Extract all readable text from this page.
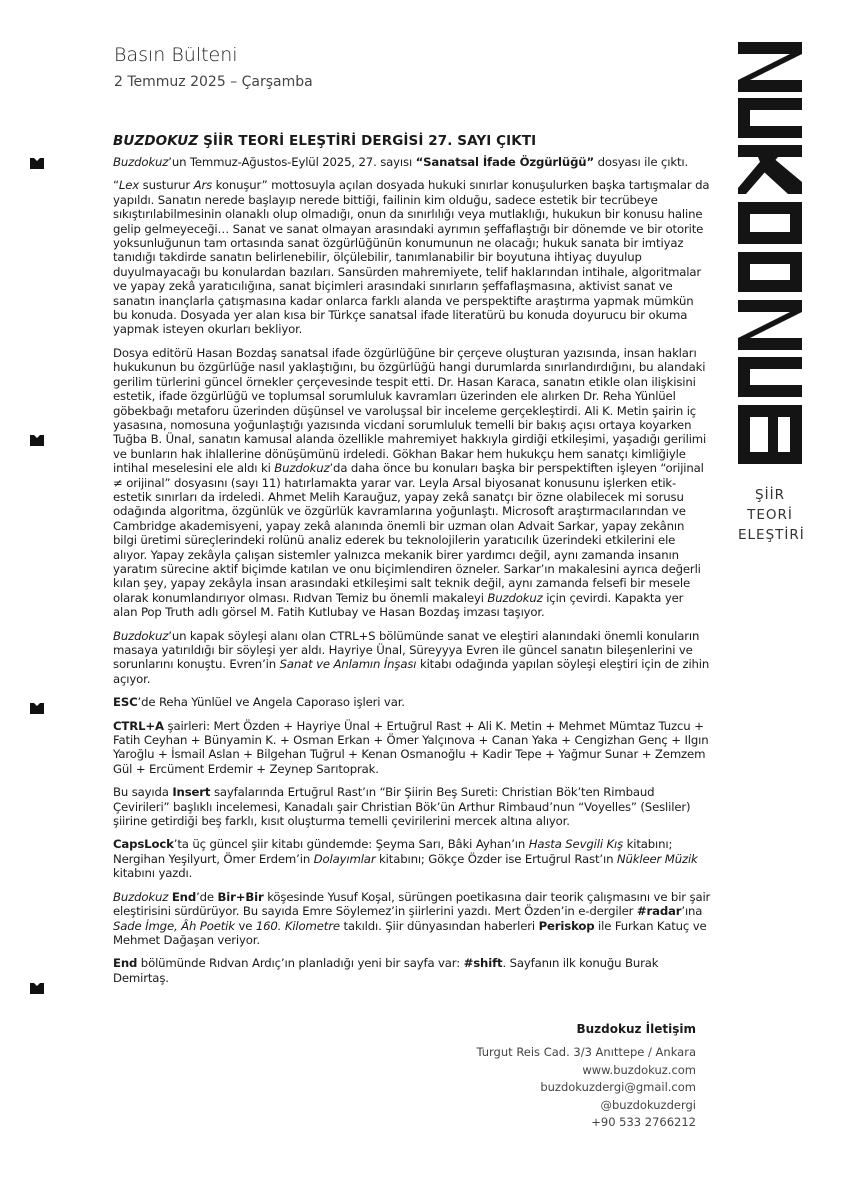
Basın Bülteni
2 Temmuz 2025 – Çarşamba
ŞİİR
TEORİ
ELEŞTİRİ
BUZDOKUZ ŞİİR TEORİ ELEŞTİRİ DERGİSİ 27. SAYI ÇIKTI

Buzdokuz’un Temmuz-Ağustos-Eylül 2025, 27. sayısı “Sanatsal İfade Özgürlüğü” dosyası ile çıktı.

“Lex susturur Ars konuşur” mottosuyla açılan dosyada hukuki sınırlar konuşulurken başka tartışmalar da yapıldı. Sanatın nerede başlayıp nerede bittiği, failinin kim olduğu, sadece estetik bir tecrübeye sıkıştırılabilmesinin olanaklı olup olmadığı, onun da sınırlılığı veya mutlaklığı, hukukun bir konusu haline gelip gelmeyeceği… Sanat ve sanat olmayan arasındaki ayrımın şeffaflaştığı bir dönemde ve bir otorite yoksunluğunun tam ortasında sanat özgürlüğünün konumunun ne olacağı; hukuk sanata bir imtiyaz tanıdığı takdirde sanatın belirlenebilir, ölçülebilir, tanımlanabilir bir boyutuna ihtiyaç duyulup duyulmayacağı bu konulardan bazıları. Sansürden mahremiyete, telif haklarından intihale, algoritmalar ve yapay zekâ yaratıcılığına, sanat biçimleri arasındaki sınırların şeffaflaşmasına, aktivist sanat ve sanatın inançlarla çatışmasına kadar onlarca farklı alanda ve perspektifte araştırma yapmak mümkün bu konuda. Dosyada yer alan kısa bir Türkçe sanatsal ifade literatürü bu konuda doyurucu bir okuma yapmak isteyen okurları bekliyor.

Dosya editörü Hasan Bozdaş sanatsal ifade özgürlüğüne bir çerçeve oluşturan yazısında, insan hakları hukukunun bu özgürlüğe nasıl yaklaştığını, bu özgürlüğü hangi durumlarda sınırlandırdığını, bu alandaki gerilim türlerini güncel örnekler çerçevesinde tespit etti. Dr. Hasan Karaca, sanatın etikle olan ilişkisini estetik, ifade özgürlüğü ve toplumsal sorumluluk kavramları üzerinden ele alırken Dr. Reha Yünlüel göbekbağı metaforu üzerinden düşünsel ve varoluşsal bir inceleme gerçekleştirdi. Ali K. Metin şairin iç yasasına, nomosuna yoğunlaştığı yazısında vicdani sorumluluk temelli bir bakış açısı ortaya koyarken Tuğba B. Ünal, sanatın kamusal alanda özellikle mahremiyet hakkıyla girdiği etkileşimi, yaşadığı gerilimi ve bunların hak ihlallerine dönüşümünü irdeledi. Gökhan Bakar hem hukukçu hem sanatçı kimliğiyle intihal meselesini ele aldı ki Buzdokuz’da daha önce bu konuları başka bir perspektiften işleyen “orijinal ≠ orijinal” dosyasını (sayı 11) hatırlamakta yarar var. Leyla Arsal biyosanat konusunu işlerken etik-estetik sınırları da irdeledi. Ahmet Melih Karauğuz, yapay zekâ sanatçı bir özne olabilecek mi sorusu odağında algoritma, özgünlük ve özgürlük kavramlarına yoğunlaştı. Microsoft araştırmacılarından ve Cambridge akademisyeni, yapay zekâ alanında önemli bir uzman olan Advait Sarkar, yapay zekânın bilgi üretimi süreçlerindeki rolünü analiz ederek bu teknolojilerin yaratıcılık üzerindeki etkilerini ele alıyor. Yapay zekâyla çalışan sistemler yalnızca mekanik birer yardımcı değil, aynı zamanda insanın yaratım sürecine aktif biçimde katılan ve onu biçimlendiren özneler. Sarkar’ın makalesini ayrıca değerli kılan şey, yapay zekâyla insan arasındaki etkileşimi salt teknik değil, aynı zamanda felsefi bir mesele olarak konumlandırıyor olması. Rıdvan Temiz bu önemli makaleyi Buzdokuz için çevirdi. Kapakta yer alan Pop Truth adlı görsel M. Fatih Kutlubay ve Hasan Bozdaş imzası taşıyor.

Buzdokuz’un kapak söyleşi alanı olan CTRL+S bölümünde sanat ve eleştiri alanındaki önemli konuların masaya yatırıldığı bir söyleşi yer aldı. Hayriye Ünal, Süreyyya Evren ile güncel sanatın bileşenlerini ve sorunlarını konuştu. Evren’in Sanat ve Anlamın İnşası kitabı odağında yapılan söyleşi eleştiri için de zihin açıyor.

ESC’de Reha Yünlüel ve Angela Caporaso işleri var.

CTRL+A şairleri: Mert Özden + Hayriye Ünal + Ertuğrul Rast + Ali K. Metin + Mehmet Mümtaz Tuzcu + Fatih Ceyhan + Bünyamin K. + Osman Erkan + Ömer Yalçınova + Canan Yaka + Cengizhan Genç + Ilgın Yaroğlu + İsmail Aslan + Bilgehan Tuğrul + Kenan Osmanoğlu + Kadir Tepe + Yağmur Sunar + Zemzem Gül + Ercüment Erdemir + Zeynep Sarıtoprak.

Bu sayıda Insert sayfalarında Ertuğrul Rast’ın “Bir Şiirin Beş Sureti: Christian Bök’ten Rimbaud Çevirileri” başlıklı incelemesi, Kanadalı şair Christian Bök’ün Arthur Rimbaud’nun “Voyelles” (Sesliler) şiirine getirdiği beş farklı, kısıt oluşturma temelli çevirilerini mercek altına alıyor.

CapsLock’ta üç güncel şiir kitabı gündemde: Şeyma Sarı, Bâki Ayhan’ın Hasta Sevgili Kış kitabını; Nergihan Yeşilyurt, Ömer Erdem’in Dolayımlar kitabını; Gökçe Özder ise Ertuğrul Rast’ın Nükleer Müzik kitabını yazdı.

Buzdokuz End’de Bir+Bir köşesinde Yusuf Koşal, sürüngen poetikasına dair teorik çalışmasını ve bir şair eleştirisini sürdürüyor. Bu sayıda Emre Söylemez’in şiirlerini yazdı. Mert Özden’in e-dergiler #radar’ına Sade İmge, Âh Poetik ve 160. Kilometre takıldı. Şiir dünyasından haberleri Periskop ile Furkan Katuç ve Mehmet Dağaşan veriyor.

End bölümünde Rıdvan Ardıç’ın planladığı yeni bir sayfa var: #shift. Sayfanın ilk konuğu Burak Demirtaş.

Buzdokuz İletişim
Turgut Reis Cad. 3/3 Anıttepe / Ankara
www.buzdokuz.com
buzdokuzdergi@gmail.com
@buzdokuzdergi
+90 533 2766212
